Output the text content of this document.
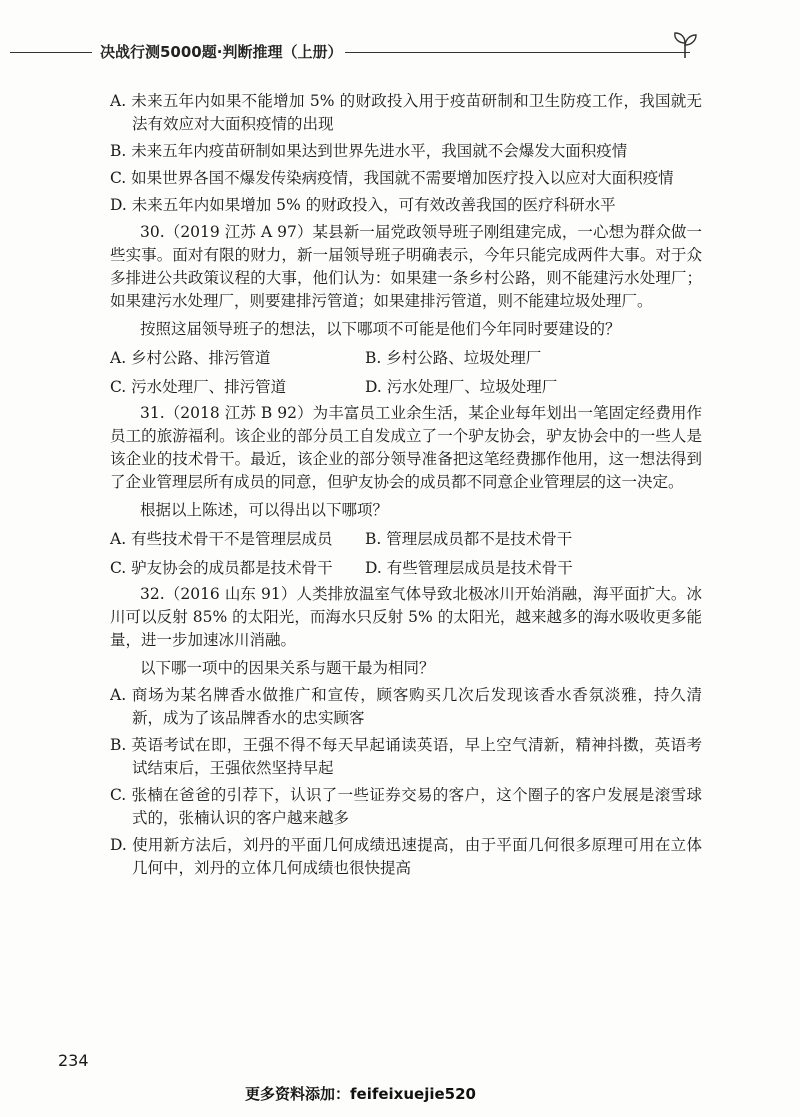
决战行测5000题·判断推理（上册）
A. 未来五年内如果不能增加 5% 的财政投入用于疫苗研制和卫生防疫工作，我国就无法有效应对大面积疫情的出现
B. 未来五年内疫苗研制如果达到世界先进水平，我国就不会爆发大面积疫情
C. 如果世界各国不爆发传染病疫情，我国就不需要增加医疗投入以应对大面积疫情
D. 未来五年内如果增加 5% 的财政投入，可有效改善我国的医疗科研水平
30.（2019 江苏 A 97）某县新一届党政领导班子刚组建完成，一心想为群众做一些实事。面对有限的财力，新一届领导班子明确表示，今年只能完成两件大事。对于众多排进公共政策议程的大事，他们认为：如果建一条乡村公路，则不能建污水处理厂；如果建污水处理厂，则要建排污管道；如果建排污管道，则不能建垃圾处理厂。
按照这届领导班子的想法，以下哪项不可能是他们今年同时要建设的？
A. 乡村公路、排污管道	B. 乡村公路、垃圾处理厂
C. 污水处理厂、排污管道	D. 污水处理厂、垃圾处理厂
31.（2018 江苏 B 92）为丰富员工业余生活，某企业每年划出一笔固定经费用作员工的旅游福利。该企业的部分员工自发成立了一个驴友协会，驴友协会中的一些人是该企业的技术骨干。最近，该企业的部分领导准备把这笔经费挪作他用，这一想法得到了企业管理层所有成员的同意，但驴友协会的成员都不同意企业管理层的这一决定。
根据以上陈述，可以得出以下哪项？
A. 有些技术骨干不是管理层成员	B. 管理层成员都不是技术骨干
C. 驴友协会的成员都是技术骨干	D. 有些管理层成员是技术骨干
32.（2016 山东 91）人类排放温室气体导致北极冰川开始消融，海平面扩大。冰川可以反射 85% 的太阳光，而海水只反射 5% 的太阳光，越来越多的海水吸收更多能量，进一步加速冰川消融。
以下哪一项中的因果关系与题干最为相同？
A. 商场为某名牌香水做推广和宣传，顾客购买几次后发现该香水香氛淡雅，持久清新，成为了该品牌香水的忠实顾客
B. 英语考试在即，王强不得不每天早起诵读英语，早上空气清新，精神抖擞，英语考试结束后，王强依然坚持早起
C. 张楠在爸爸的引荐下，认识了一些证券交易的客户，这个圈子的客户发展是滚雪球式的，张楠认识的客户越来越多
D. 使用新方法后，刘丹的平面几何成绩迅速提高，由于平面几何很多原理可用在立体几何中，刘丹的立体几何成绩也很快提高
234
更多资料添加：feifeixuejie520
